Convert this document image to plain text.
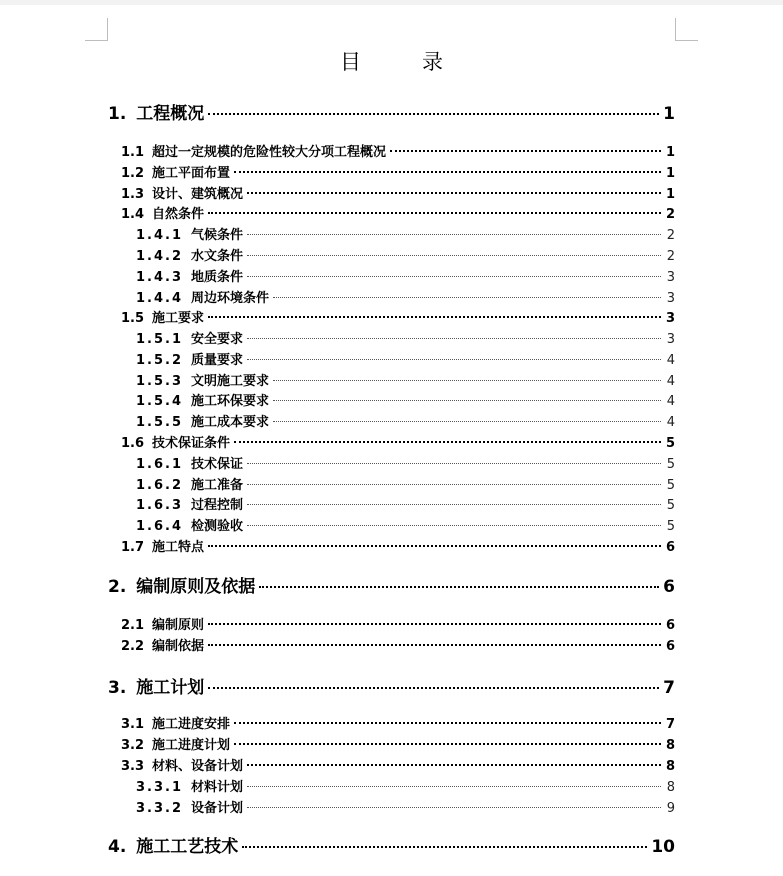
目　录
1. 工程概况	1
1.1 超过一定规模的危险性较大分项工程概况	1
1.2 施工平面布置	1
1.3 设计、建筑概况	1
1.4 自然条件	2
1.4.1 气候条件	2
1.4.2 水文条件	2
1.4.3 地质条件	3
1.4.4 周边环境条件	3
1.5 施工要求	3
1.5.1 安全要求	3
1.5.2 质量要求	4
1.5.3 文明施工要求	4
1.5.4 施工环保要求	4
1.5.5 施工成本要求	4
1.6 技术保证条件	5
1.6.1 技术保证	5
1.6.2 施工准备	5
1.6.3 过程控制	5
1.6.4 检测验收	5
1.7 施工特点	6
2. 编制原则及依据	6
2.1 编制原则	6
2.2 编制依据	6
3. 施工计划	7
3.1 施工进度安排	7
3.2 施工进度计划	8
3.3 材料、设备计划	8
3.3.1 材料计划	8
3.3.2 设备计划	9
4. 施工工艺技术	10
